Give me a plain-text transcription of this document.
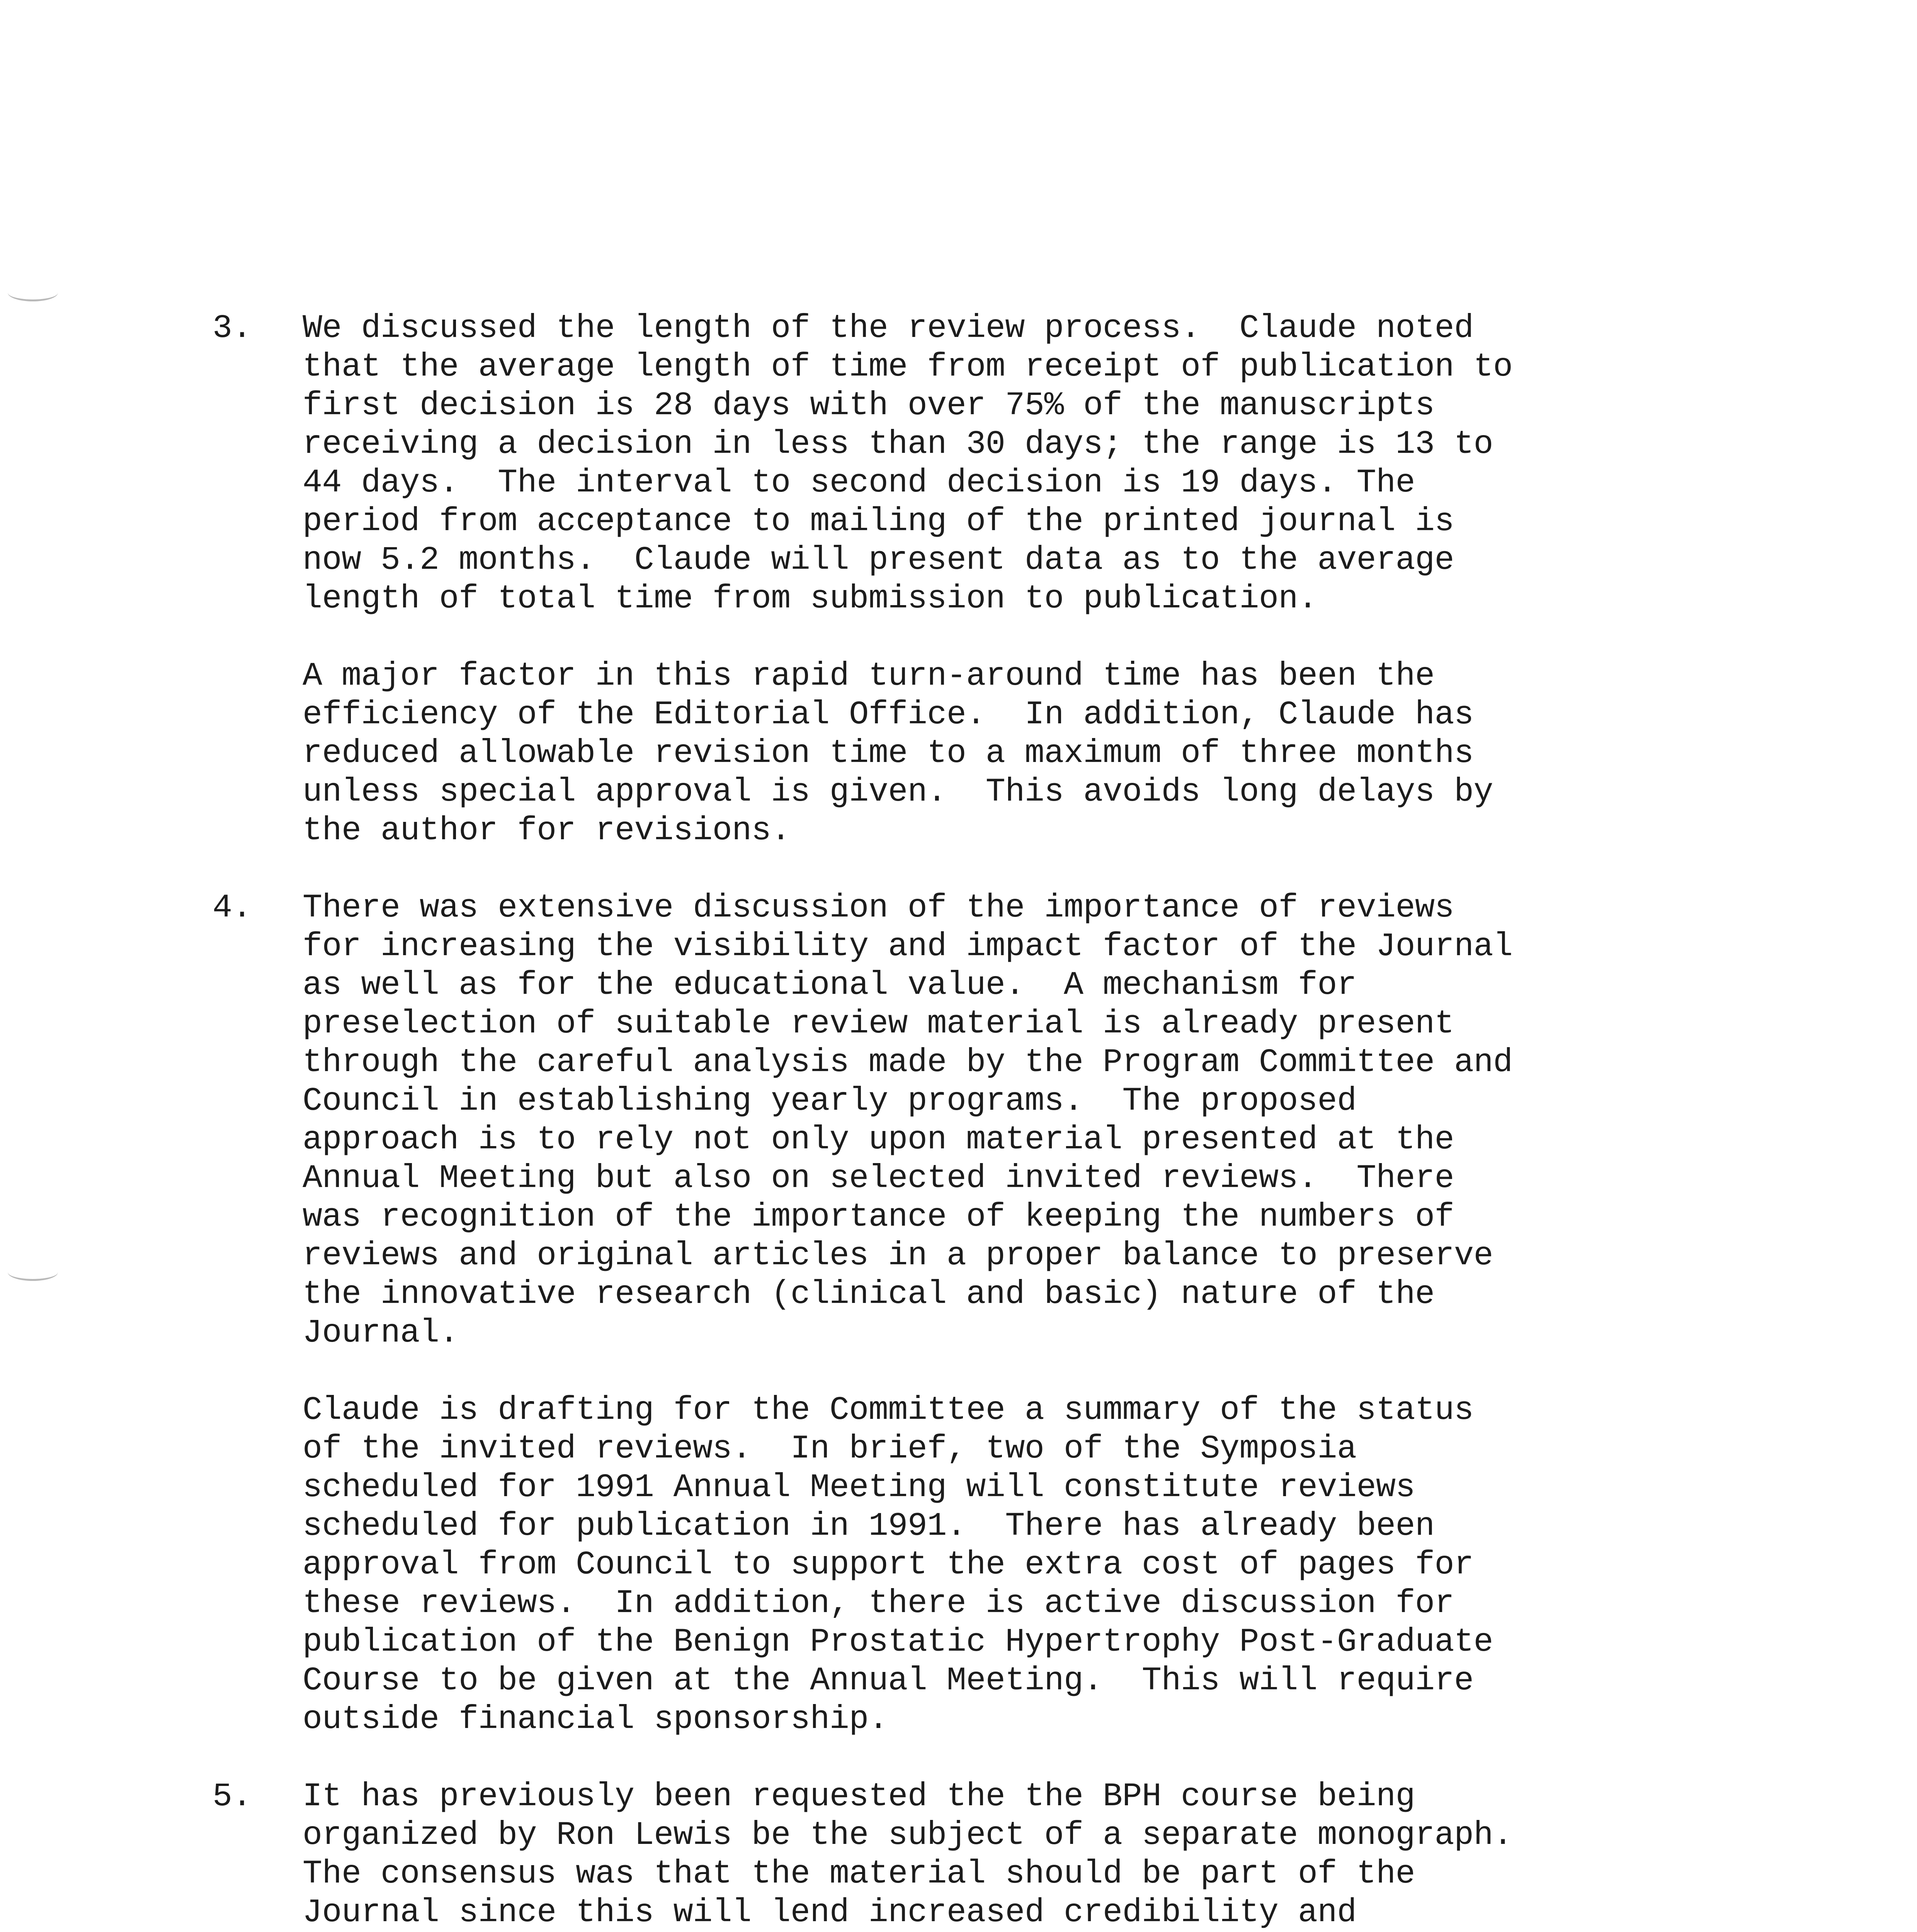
3. We discussed the length of the review process.  Claude noted
that the average length of time from receipt of publication to
first decision is 28 days with over 75% of the manuscripts
receiving a decision in less than 30 days; the range is 13 to
44 days.  The interval to second decision is 19 days. The
period from acceptance to mailing of the printed journal is
now 5.2 months.  Claude will present data as to the average
length of total time from submission to publication.
A major factor in this rapid turn-around time has been the
efficiency of the Editorial Office.  In addition, Claude has
reduced allowable revision time to a maximum of three months
unless special approval is given.  This avoids long delays by
the author for revisions.
4. There was extensive discussion of the importance of reviews
for increasing the visibility and impact factor of the Journal
as well as for the educational value.  A mechanism for
preselection of suitable review material is already present
through the careful analysis made by the Program Committee and
Council in establishing yearly programs.  The proposed
approach is to rely not only upon material presented at the
Annual Meeting but also on selected invited reviews.  There
was recognition of the importance of keeping the numbers of
reviews and original articles in a proper balance to preserve
the innovative research (clinical and basic) nature of the
Journal.
Claude is drafting for the Committee a summary of the status
of the invited reviews.  In brief, two of the Symposia
scheduled for 1991 Annual Meeting will constitute reviews
scheduled for publication in 1991.  There has already been
approval from Council to support the extra cost of pages for
these reviews.  In addition, there is active discussion for
publication of the Benign Prostatic Hypertrophy Post-Graduate
Course to be given at the Annual Meeting.  This will require
outside financial sponsorship.
5. It has previously been requested the the BPH course being
organized by Ron Lewis be the subject of a separate monograph.
The consensus was that the material should be part of the
Journal since this will lend increased credibility and
